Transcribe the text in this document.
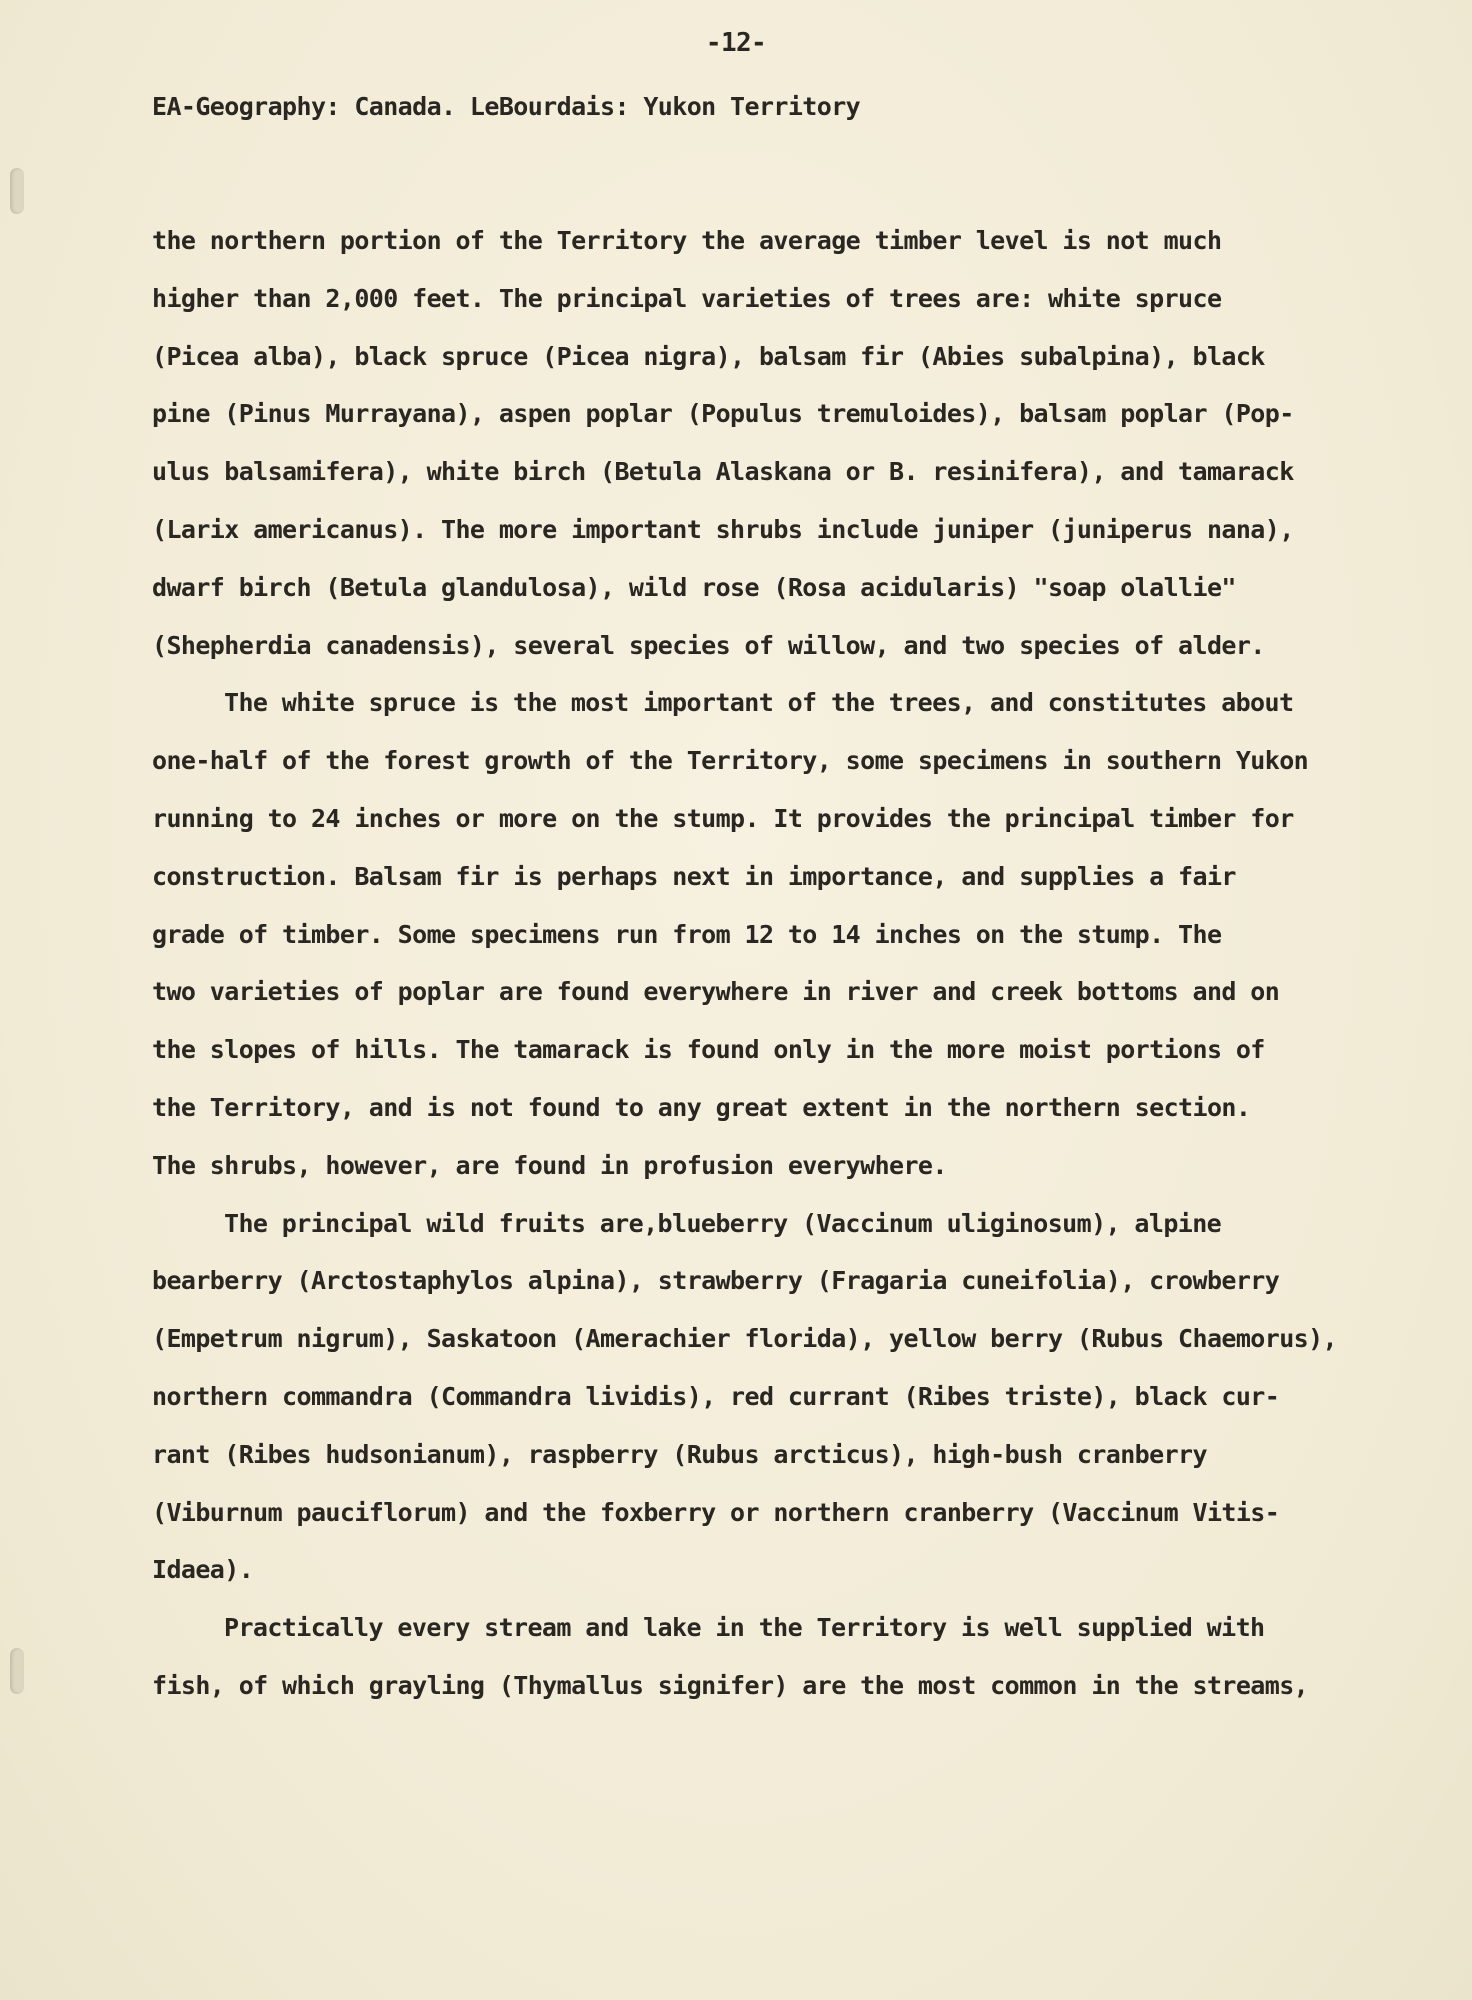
-12-
EA-Geography: Canada. LeBourdais: Yukon Territory
the northern portion of the Territory the average timber level is not much
higher than 2,000 feet. The principal varieties of trees are: white spruce
(Picea alba), black spruce (Picea nigra), balsam fir (Abies subalpina), black
pine (Pinus Murrayana), aspen poplar (Populus tremuloides), balsam poplar (Pop-
ulus balsamifera), white birch (Betula Alaskana or B. resinifera), and tamarack
(Larix americanus). The more important shrubs include juniper (juniperus nana),
dwarf birch (Betula glandulosa), wild rose (Rosa acidularis) "soap olallie"
(Shepherdia canadensis), several species of willow, and two species of alder.
The white spruce is the most important of the trees, and constitutes about
one-half of the forest growth of the Territory, some specimens in southern Yukon
running to 24 inches or more on the stump. It provides the principal timber for
construction. Balsam fir is perhaps next in importance, and supplies a fair
grade of timber. Some specimens run from 12 to 14 inches on the stump. The
two varieties of poplar are found everywhere in river and creek bottoms and on
the slopes of hills. The tamarack is found only in the more moist portions of
the Territory, and is not found to any great extent in the northern section.
The shrubs, however, are found in profusion everywhere.
The principal wild fruits are,blueberry (Vaccinum uliginosum), alpine
bearberry (Arctostaphylos alpina), strawberry (Fragaria cuneifolia), crowberry
(Empetrum nigrum), Saskatoon (Amerachier florida), yellow berry (Rubus Chaemorus),
northern commandra (Commandra lividis), red currant (Ribes triste), black cur-
rant (Ribes hudsonianum), raspberry (Rubus arcticus), high-bush cranberry
(Viburnum pauciflorum) and the foxberry or northern cranberry (Vaccinum Vitis-
Idaea).
Practically every stream and lake in the Territory is well supplied with
fish, of which grayling (Thymallus signifer) are the most common in the streams,
